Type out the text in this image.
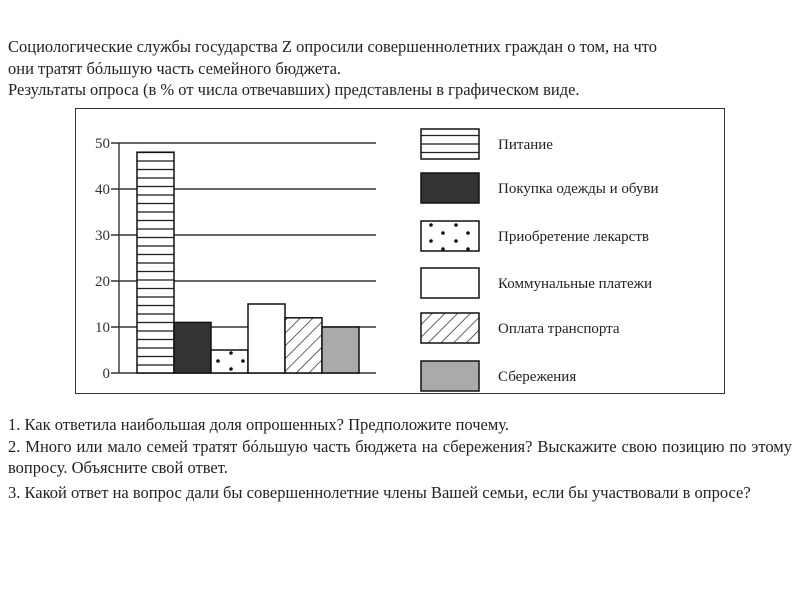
Социологические службы государства Z опросили совершеннолетних граждан о том, на что
они тратят бóльшую часть семейного бюджета.
Результаты опроса (в % от числа отвечавших) представлены в графическом виде.
0
10
20
30
40
50	Питание
Покупка одежды и обуви
Приобретение лекарств
Коммунальные платежи
Оплата транспорта
Сбережения

1. Как ответила наибольшая доля опрошенных? Предположите почему.

2. Много или мало семей тратят бóльшую часть бюджета на сбережения? Выскажите свою позицию по этому вопросу. Объясните свой ответ.

3. Какой ответ на вопрос дали бы совершеннолетние члены Вашей семьи, если бы участвовали в опросе?
